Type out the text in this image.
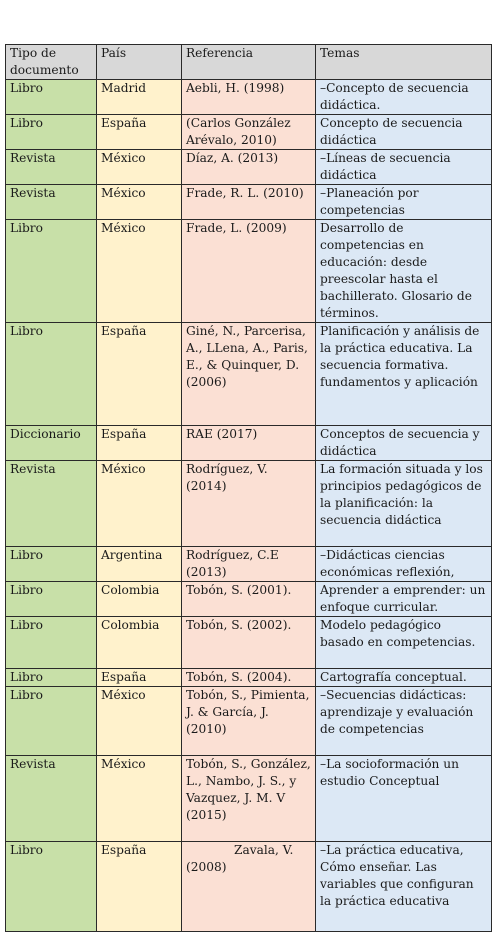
Tipo de documento	País	Referencia	Temas
Libro	Madrid	Aebli, H. (1998)	–Concepto de secuencia didáctica.
Libro	España	(Carlos González Arévalo, 2010)	Concepto de secuencia didáctica
Revista	México	Díaz, A. (2013)	–Líneas de secuencia didáctica
Revista	México	Frade, R. L. (2010)	–Planeación por competencias
Libro	México	Frade, L. (2009)	Desarrollo de competencias en educación: desde preescolar hasta el bachillerato. Glosario de términos.
Libro	España	Giné, N., Parcerisa, A., LLena, A., Paris, E., & Quinquer, D. (2006)	Planificación y análisis de la práctica educativa. La secuencia formativa. fundamentos y aplicación
Diccionario	España	RAE (2017)	Conceptos de secuencia y didáctica
Revista	México	Rodríguez, V. (2014)	La formación situada y los principios pedagógicos de la planificación: la secuencia didáctica
Libro	Argentina	Rodríguez, C.E (2013)	–Didácticas ciencias económicas reflexión,
Libro	Colombia	Tobón, S. (2001).	Aprender a emprender: un enfoque curricular.
Libro	Colombia	Tobón, S. (2002).	Modelo pedagógico basado en competencias.
Libro	España	Tobón, S. (2004).	Cartografía conceptual.
Libro	México	Tobón, S., Pimienta, J. & García, J. (2010)	–Secuencias didácticas: aprendizaje y evaluación de competencias
Revista	México	Tobón, S., González, L., Nambo, J. S., y Vazquez, J. M. V (2015)	–La socioformación un estudio Conceptual
Libro	España	Zavala, V. (2008)	–La práctica educativa, Cómo enseñar. Las variables que configuran la práctica educativa
